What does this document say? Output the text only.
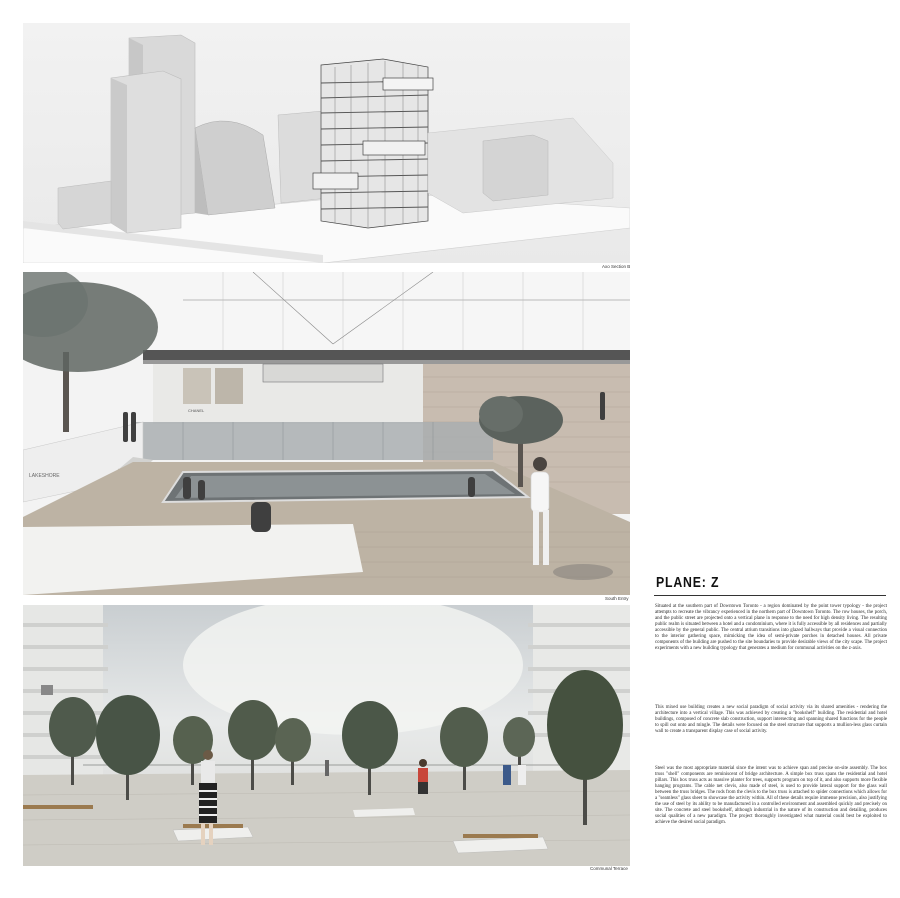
Axo Section B
LAKESHORE
CHANEL
South Entry
Communal Terrace
PLANE: Z

Situated at the southern part of Downtown Toronto - a region dominated by the point tower typology - the project attempts to recreate the vibrancy experienced in the northern part of Downtown Toronto. The row houses, the porch, and the public street are projected onto a vertical plane in response to the need for high density living. The resulting public realm is situated between a hotel and a condominium, where it is fully accessible by all residences and partially accessible by the general public. The central atrium transitions into glazed hallways that provide a visual connection to the interior gathering space, mimicking the idea of semi-private porches in detached houses. All private components of the building are pushed to the site boundaries to provide desirable views of the city scape. The project experiments with a new building typology that generates a medium for communal activities on the z-axis.

This mixed use building creates a new social paradigm of social activity via its shared amenities - rendering the architecture into a vertical village. This was achieved by creating a "bookshelf" building. The residential and hotel buildings, composed of concrete slab construction, support intersecting and spanning shared functions for the people to spill out onto and mingle. The details were focused on the steel structure that supports a mullion-less glass curtain wall to create a transparent display case of social activity.

Steel was the most appropriate material since the intent was to achieve span and precise on-site assembly. The box truss "shell" components are reminiscent of bridge architecture. A simple box truss spans the residential and hotel pillars. This box truss acts as massive planter for trees, supports program on top of it, and also supports more flexible hanging programs. The cable net clevis, also made of steel, is used to provide lateral support for the glass wall between the truss bridges. The rods from the clevis to the box truss is attached to spider connections which allows for a "seamless" glass sheet to showcase the activity within. All of these details require immense precision, also justifying the use of steel by its ability to be manufactured in a controlled environment and assembled quickly and precisely on site. The concrete and steel bookshelf, although industrial in the nature of its construction and detailing, produces social qualities of a new paradigm. The project thoroughly investigated what material could best be exploited to achieve the desired social paradigm.
